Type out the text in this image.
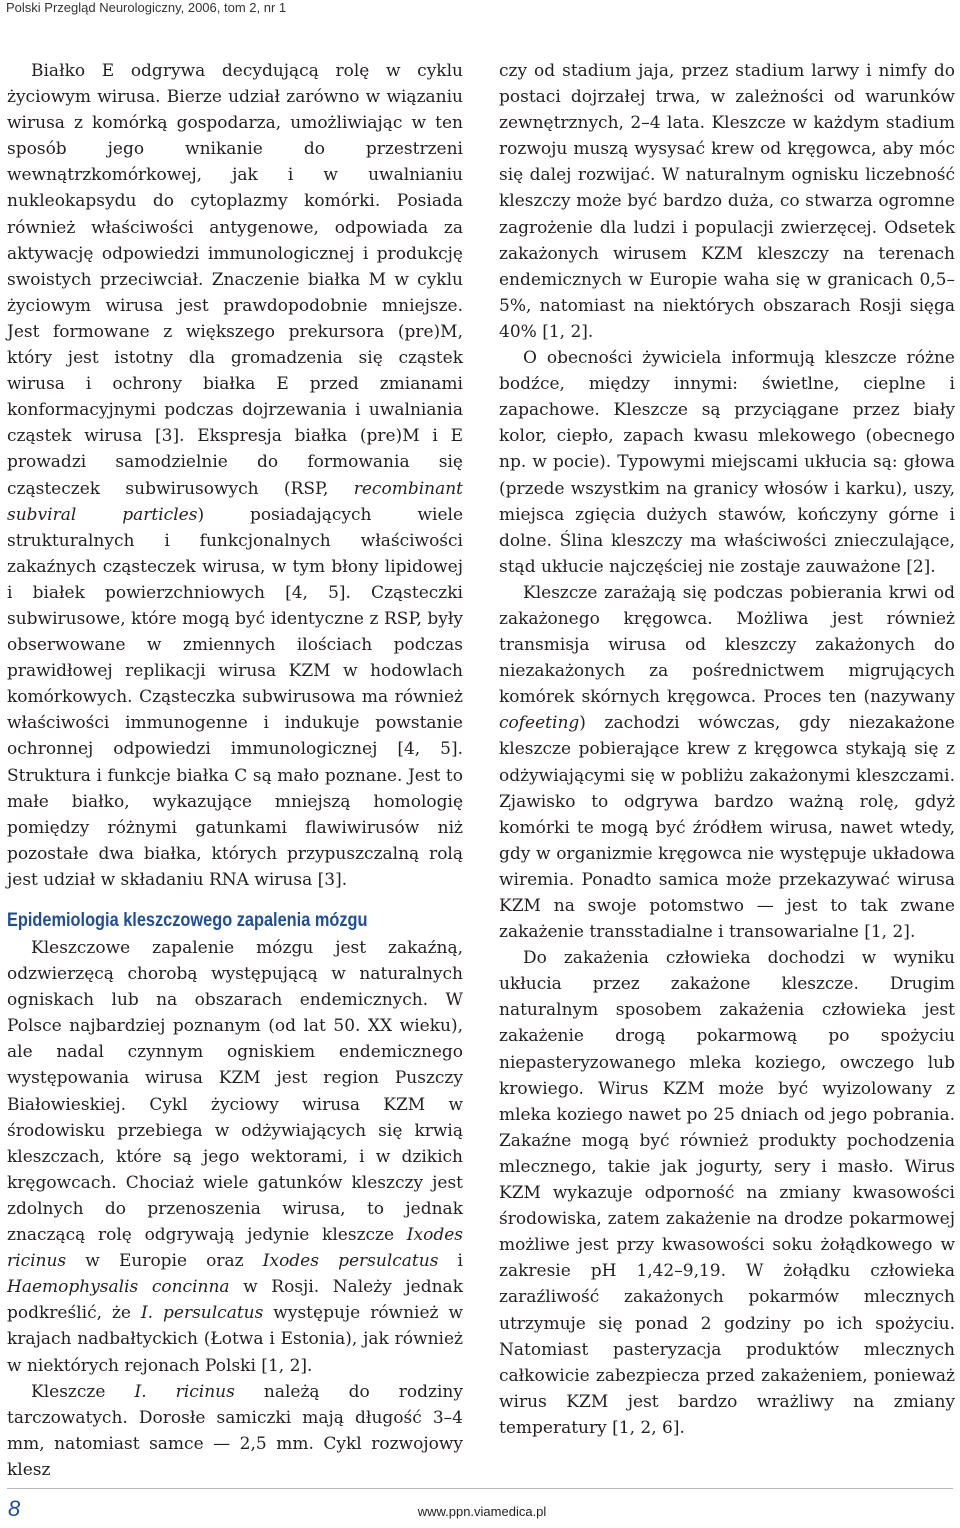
Polski Przegląd Neurologiczny, 2006, tom 2, nr 1

Białko E odgrywa decydującą rolę w cyklu życiowym wirusa. Bierze udział zarówno w wiązaniu wirusa z komórką gospodarza, umożliwiając w ten sposób jego wnikanie do przestrzeni wewnątrzkomórkowej, jak i w uwalnianiu nukleokapsydu do cytoplazmy komórki. Posiada również właściwości antygenowe, odpowiada za aktywację odpowiedzi immunologicznej i produkcję swoistych przeciwciał. Znaczenie białka M w cyklu życiowym wirusa jest prawdopodobnie mniejsze. Jest formowane z większego prekursora (pre)M, który jest istotny dla gromadzenia się cząstek wirusa i ochrony białka E przed zmianami konformacyjnymi podczas dojrzewania i uwalniania cząstek wirusa [3]. Ekspresja białka (pre)M i E prowadzi samodzielnie do formowania się cząsteczek subwirusowych (RSP, recombinant subviral particles) posiadających wiele strukturalnych i funkcjonalnych właściwości zakaźnych cząsteczek wirusa, w tym błony lipidowej i białek powierzchniowych [4, 5]. Cząsteczki subwirusowe, które mogą być identyczne z RSP, były obserwowane w zmiennych ilościach podczas prawidłowej replikacji wirusa KZM w hodowlach komórkowych. Cząsteczka subwirusowa ma również właściwości immunogenne i indukuje powstanie ochronnej odpowiedzi immunologicznej [4, 5]. Struktura i funkcje białka C są mało poznane. Jest to małe białko, wykazujące mniejszą homologię pomiędzy różnymi gatunkami flawiwirusów niż pozostałe dwa białka, których przypuszczalną rolą jest udział w składaniu RNA wirusa [3].

Epidemiologia kleszczowego zapalenia mózgu

Kleszczowe zapalenie mózgu jest zakaźną, odzwierzęcą chorobą występującą w naturalnych ogniskach lub na obszarach endemicznych. W Polsce najbardziej poznanym (od lat 50. XX wieku), ale nadal czynnym ogniskiem endemicznego występowania wirusa KZM jest region Puszczy Białowieskiej. Cykl życiowy wirusa KZM w środowisku przebiega w odżywiających się krwią kleszczach, które są jego wektorami, i w dzikich kręgowcach. Chociaż wiele gatunków kleszczy jest zdolnych do przenoszenia wirusa, to jednak znaczącą rolę odgrywają jedynie kleszcze Ixodes ricinus w Europie oraz Ixodes persulcatus i Haemophysalis concinna w Rosji. Należy jednak podkreślić, że I. persulcatus występuje również w krajach nadbałtyckich (Łotwa i Estonia), jak również w niektórych rejonach Polski [1, 2].

Kleszcze I. ricinus należą do rodziny tarczowatych. Dorosłe samiczki mają długość 3–4 mm, natomiast samce — 2,5 mm. Cykl rozwojowy klesz

czy od stadium jaja, przez stadium larwy i nimfy do postaci dojrzałej trwa, w zależności od warunków zewnętrznych, 2–4 lata. Kleszcze w każdym stadium rozwoju muszą wysysać krew od kręgowca, aby móc się dalej rozwijać. W naturalnym ognisku liczebność kleszczy może być bardzo duża, co stwarza ogromne zagrożenie dla ludzi i populacji zwierzęcej. Odsetek zakażonych wirusem KZM kleszczy na terenach endemicznych w Europie waha się w granicach 0,5–5%, natomiast na niektórych obszarach Rosji sięga 40% [1, 2].

O obecności żywiciela informują kleszcze różne bodźce, między innymi: świetlne, cieplne i zapachowe. Kleszcze są przyciągane przez biały kolor, ciepło, zapach kwasu mlekowego (obecnego np. w pocie). Typowymi miejscami ukłucia są: głowa (przede wszystkim na granicy włosów i karku), uszy, miejsca zgięcia dużych stawów, kończyny górne i dolne. Ślina kleszczy ma właściwości znieczulające, stąd ukłucie najczęściej nie zostaje zauważone [2].

Kleszcze zarażają się podczas pobierania krwi od zakażonego kręgowca. Możliwa jest również transmisja wirusa od kleszczy zakażonych do niezakażonych za pośrednictwem migrujących komórek skórnych kręgowca. Proces ten (nazywany cofeeting) zachodzi wówczas, gdy niezakażone kleszcze pobierające krew z kręgowca stykają się z odżywiającymi się w pobliżu zakażonymi kleszczami. Zjawisko to odgrywa bardzo ważną rolę, gdyż komórki te mogą być źródłem wirusa, nawet wtedy, gdy w organizmie kręgowca nie występuje układowa wiremia. Ponadto samica może przekazywać wirusa KZM na swoje potomstwo — jest to tak zwane zakażenie transstadialne i transowarialne [1, 2].

Do zakażenia człowieka dochodzi w wyniku ukłucia przez zakażone kleszcze. Drugim naturalnym sposobem zakażenia człowieka jest zakażenie drogą pokarmową po spożyciu niepasteryzowanego mleka koziego, owczego lub krowiego. Wirus KZM może być wyizolowany z mleka koziego nawet po 25 dniach od jego pobrania. Zakaźne mogą być również produkty pochodzenia mlecznego, takie jak jogurty, sery i masło. Wirus KZM wykazuje odporność na zmiany kwasowości środowiska, zatem zakażenie na drodze pokarmowej możliwe jest przy kwasowości soku żołądkowego w zakresie pH 1,42–9,19. W żołądku człowieka zaraźliwość zakażonych pokarmów mlecznych utrzymuje się ponad 2 godziny po ich spożyciu. Natomiast pasteryzacja produktów mlecznych całkowicie zabezpiecza przed zakażeniem, ponieważ wirus KZM jest bardzo wrażliwy na zmiany temperatury [1, 2, 6].

8	www.ppn.viamedica.pl
